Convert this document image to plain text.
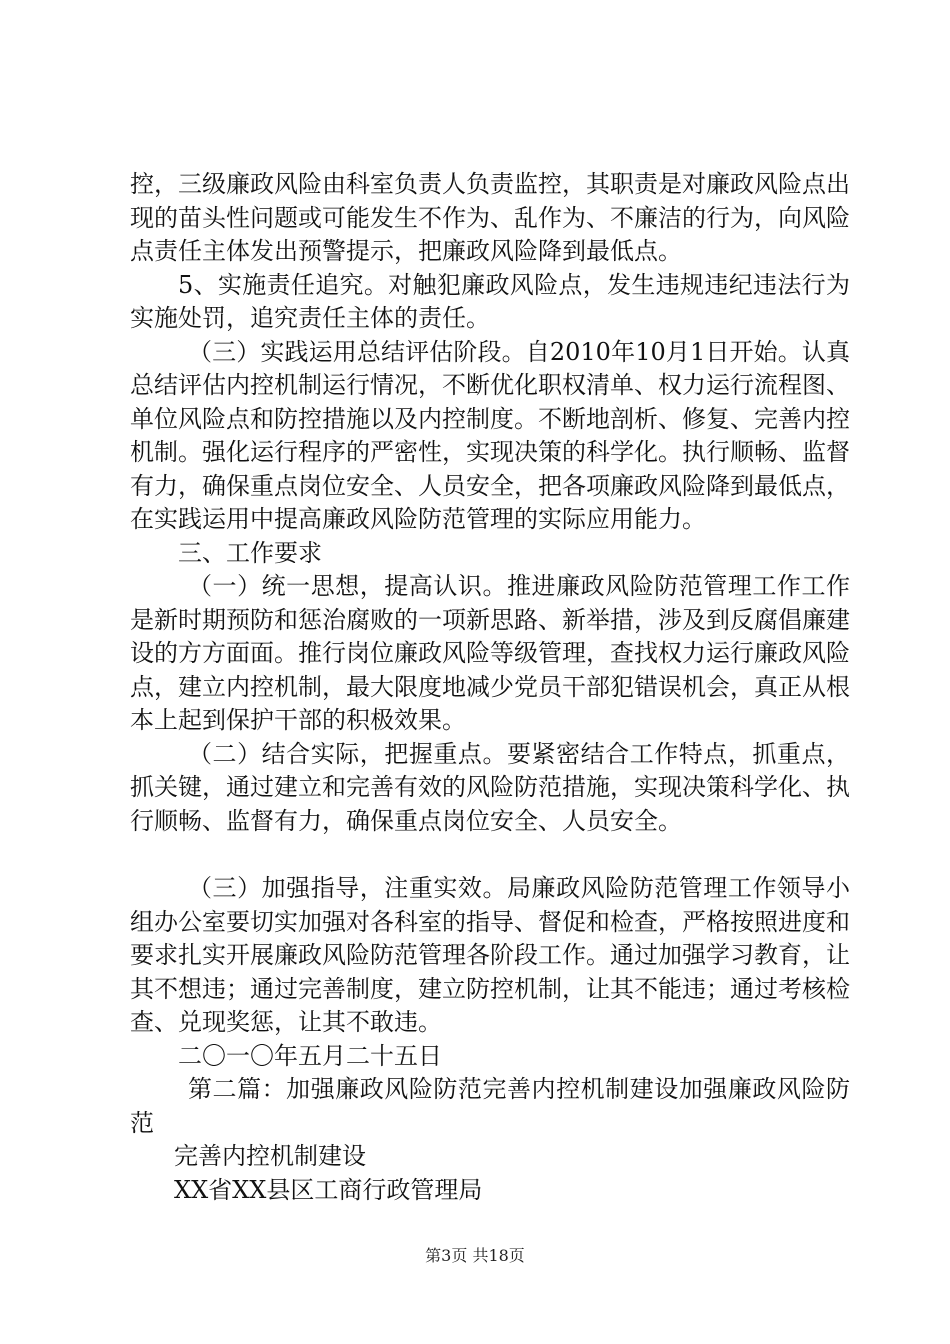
控，三级廉政风险由科室负责人负责监控，其职责是对廉政风险点出现的苗头性问题或可能发生不作为、乱作为、不廉洁的行为，向风险点责任主体发出预警提示，把廉政风险降到最低点。

5、实施责任追究。对触犯廉政风险点，发生违规违纪违法行为实施处罚，追究责任主体的责任。

（三）实践运用总结评估阶段。自2010年10月1日开始。认真总结评估内控机制运行情况，不断优化职权清单、权力运行流程图、单位风险点和防控措施以及内控制度。不断地剖析、修复、完善内控机制。强化运行程序的严密性，实现决策的科学化。执行顺畅、监督有力，确保重点岗位安全、人员安全，把各项廉政风险降到最低点，在实践运用中提高廉政风险防范管理的实际应用能力。

三、工作要求

（一）统一思想，提高认识。推进廉政风险防范管理工作工作是新时期预防和惩治腐败的一项新思路、新举措，涉及到反腐倡廉建设的方方面面。推行岗位廉政风险等级管理，查找权力运行廉政风险点，建立内控机制，最大限度地减少党员干部犯错误机会，真正从根本上起到保护干部的积极效果。

（二）结合实际，把握重点。要紧密结合工作特点，抓重点，抓关键，通过建立和完善有效的风险防范措施，实现决策科学化、执行顺畅、监督有力，确保重点岗位安全、人员安全。

（三）加强指导，注重实效。局廉政风险防范管理工作领导小组办公室要切实加强对各科室的指导、督促和检查，严格按照进度和要求扎实开展廉政风险防范管理各阶段工作。通过加强学习教育，让其不想违；通过完善制度，建立防控机制，让其不能违；通过考核检查、兑现奖惩，让其不敢违。

二〇一〇年五月二十五日

第二篇：加强廉政风险防范完善内控机制建设加强廉政风险防范

完善内控机制建设

XX省XX县区工商行政管理局

第3页 共18页
